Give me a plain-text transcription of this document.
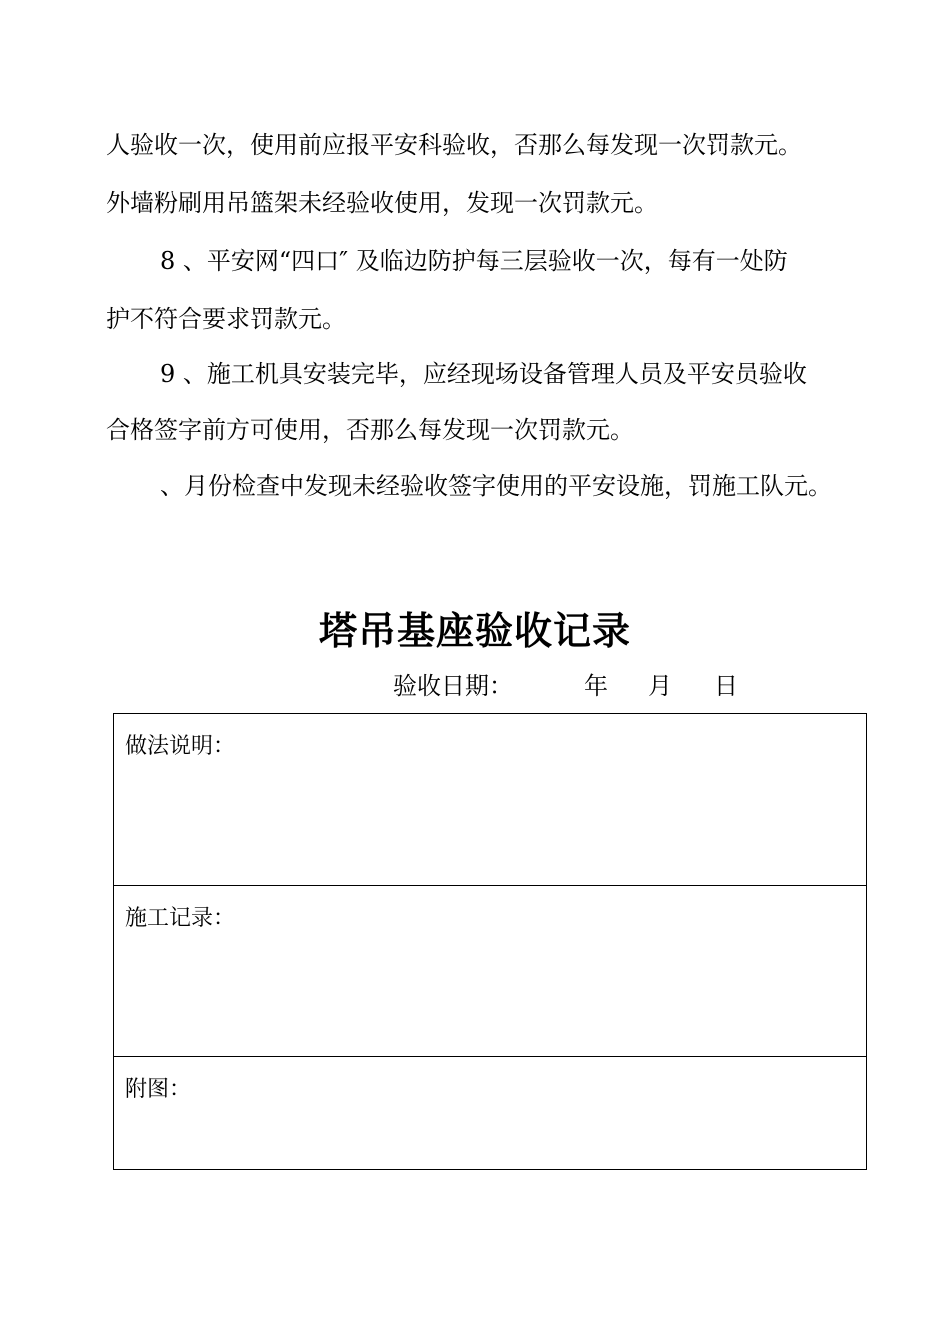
人验收一次，使用前应报平安科验收，否那么每发现一次罚款元。
外墙粉刷用吊篮架未经验收使用，发现一次罚款元。
8 、平安网“四口″ 及临边防护每三层验收一次，每有一处防
护不符合要求罚款元。
9 、施工机具安装完毕，应经现场设备管理人员及平安员验收
合格签字前方可使用，否那么每发现一次罚款元。
、月份检查中发现未经验收签字使用的平安设施，罚施工队元。
塔吊基座验收记录
验收日期：	年 月 日
做法说明：
施工记录：
附图：
